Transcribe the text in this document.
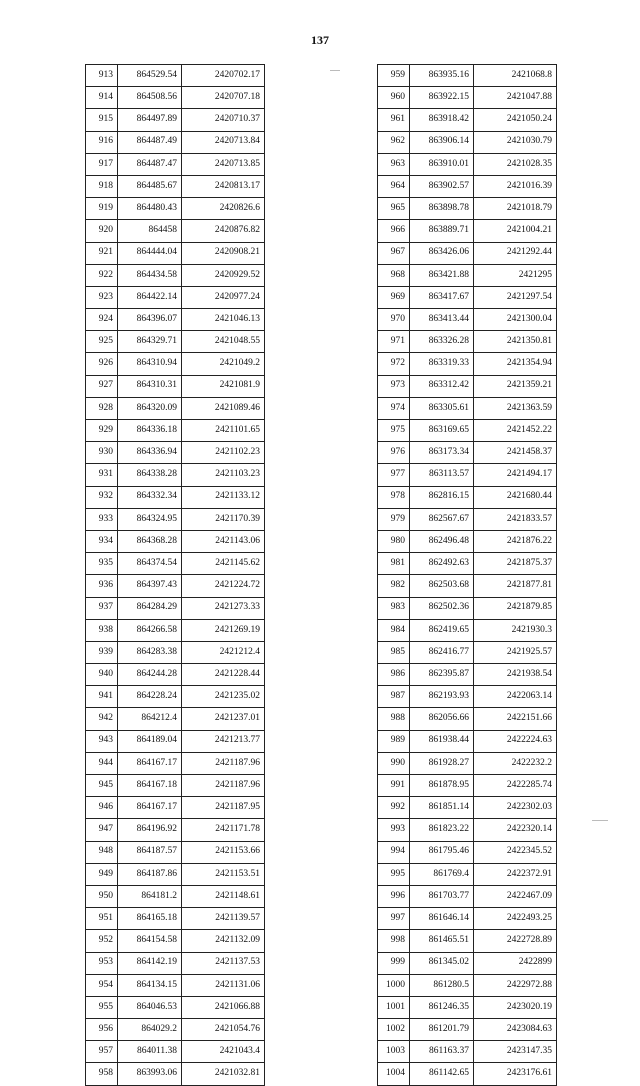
137
913	864529.54	2420702.17
914	864508.56	2420707.18
915	864497.89	2420710.37
916	864487.49	2420713.84
917	864487.47	2420713.85
918	864485.67	2420813.17
919	864480.43	2420826.6
920	864458	2420876.82
921	864444.04	2420908.21
922	864434.58	2420929.52
923	864422.14	2420977.24
924	864396.07	2421046.13
925	864329.71	2421048.55
926	864310.94	2421049.2
927	864310.31	2421081.9
928	864320.09	2421089.46
929	864336.18	2421101.65
930	864336.94	2421102.23
931	864338.28	2421103.23
932	864332.34	2421133.12
933	864324.95	2421170.39
934	864368.28	2421143.06
935	864374.54	2421145.62
936	864397.43	2421224.72
937	864284.29	2421273.33
938	864266.58	2421269.19
939	864283.38	2421212.4
940	864244.28	2421228.44
941	864228.24	2421235.02
942	864212.4	2421237.01
943	864189.04	2421213.77
944	864167.17	2421187.96
945	864167.18	2421187.96
946	864167.17	2421187.95
947	864196.92	2421171.78
948	864187.57	2421153.66
949	864187.86	2421153.51
950	864181.2	2421148.61
951	864165.18	2421139.57
952	864154.58	2421132.09
953	864142.19	2421137.53
954	864134.15	2421131.06
955	864046.53	2421066.88
956	864029.2	2421054.76
957	864011.38	2421043.4
958	863993.06	2421032.81
959	863935.16	2421068.8
960	863922.15	2421047.88
961	863918.42	2421050.24
962	863906.14	2421030.79
963	863910.01	2421028.35
964	863902.57	2421016.39
965	863898.78	2421018.79
966	863889.71	2421004.21
967	863426.06	2421292.44
968	863421.88	2421295
969	863417.67	2421297.54
970	863413.44	2421300.04
971	863326.28	2421350.81
972	863319.33	2421354.94
973	863312.42	2421359.21
974	863305.61	2421363.59
975	863169.65	2421452.22
976	863173.34	2421458.37
977	863113.57	2421494.17
978	862816.15	2421680.44
979	862567.67	2421833.57
980	862496.48	2421876.22
981	862492.63	2421875.37
982	862503.68	2421877.81
983	862502.36	2421879.85
984	862419.65	2421930.3
985	862416.77	2421925.57
986	862395.87	2421938.54
987	862193.93	2422063.14
988	862056.66	2422151.66
989	861938.44	2422224.63
990	861928.27	2422232.2
991	861878.95	2422285.74
992	861851.14	2422302.03
993	861823.22	2422320.14
994	861795.46	2422345.52
995	861769.4	2422372.91
996	861703.77	2422467.09
997	861646.14	2422493.25
998	861465.51	2422728.89
999	861345.02	2422899
1000	861280.5	2422972.88
1001	861246.35	2423020.19
1002	861201.79	2423084.63
1003	861163.37	2423147.35
1004	861142.65	2423176.61
